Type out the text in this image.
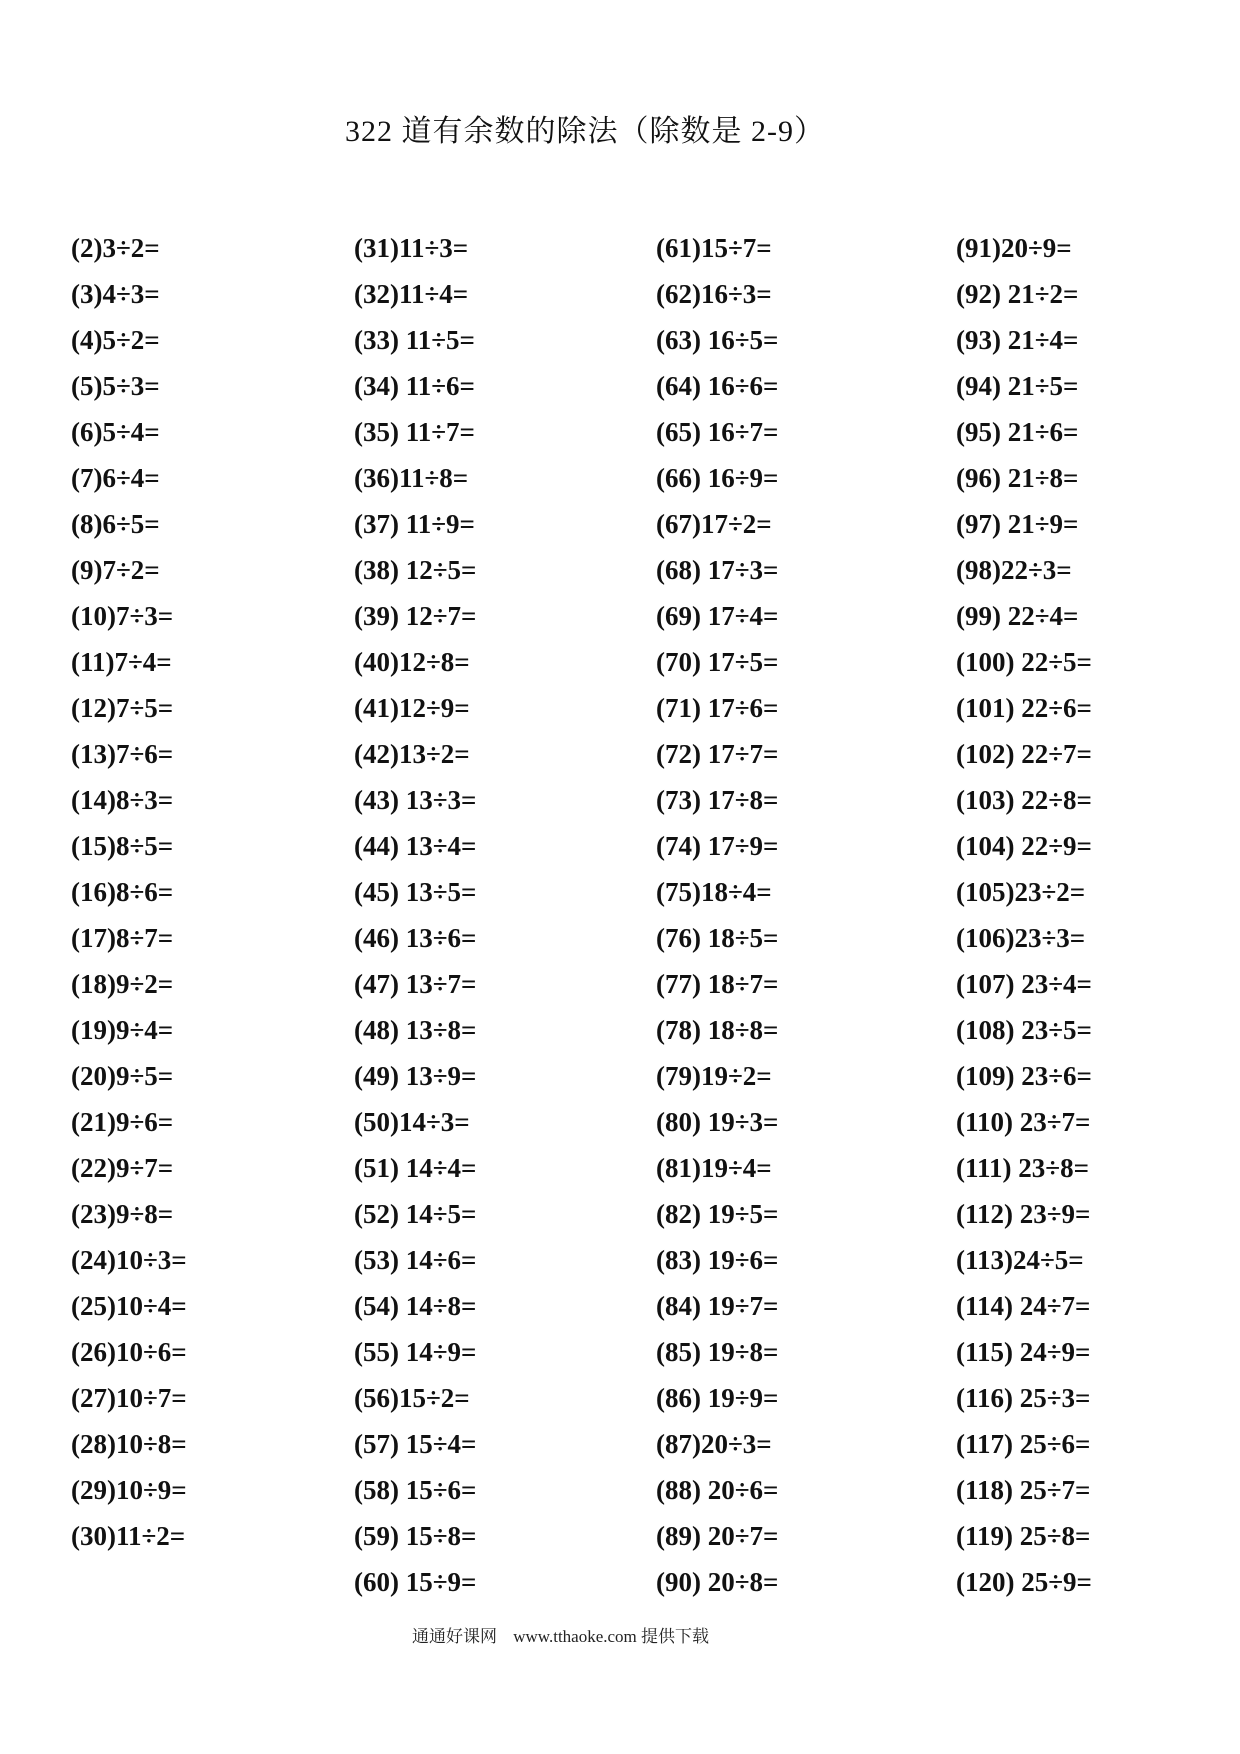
322 道有余数的除法（除数是 2-9）
(2)3÷2=
(3)4÷3=
(4)5÷2=
(5)5÷3=
(6)5÷4=
(7)6÷4=
(8)6÷5=
(9)7÷2=
(10)7÷3=
(11)7÷4=
(12)7÷5=
(13)7÷6=
(14)8÷3=
(15)8÷5=
(16)8÷6=
(17)8÷7=
(18)9÷2=
(19)9÷4=
(20)9÷5=
(21)9÷6=
(22)9÷7=
(23)9÷8=
(24)10÷3=
(25)10÷4=
(26)10÷6=
(27)10÷7=
(28)10÷8=
(29)10÷9=
(30)11÷2=
(31)11÷3=
(32)11÷4=
(33) 11÷5=
(34) 11÷6=
(35) 11÷7=
(36)11÷8=
(37) 11÷9=
(38) 12÷5=
(39) 12÷7=
(40)12÷8=
(41)12÷9=
(42)13÷2=
(43) 13÷3=
(44) 13÷4=
(45) 13÷5=
(46) 13÷6=
(47) 13÷7=
(48) 13÷8=
(49) 13÷9=
(50)14÷3=
(51) 14÷4=
(52) 14÷5=
(53) 14÷6=
(54) 14÷8=
(55) 14÷9=
(56)15÷2=
(57) 15÷4=
(58) 15÷6=
(59) 15÷8=
(60) 15÷9=
(61)15÷7=
(62)16÷3=
(63) 16÷5=
(64) 16÷6=
(65) 16÷7=
(66) 16÷9=
(67)17÷2=
(68) 17÷3=
(69) 17÷4=
(70) 17÷5=
(71) 17÷6=
(72) 17÷7=
(73) 17÷8=
(74) 17÷9=
(75)18÷4=
(76) 18÷5=
(77) 18÷7=
(78) 18÷8=
(79)19÷2=
(80) 19÷3=
(81)19÷4=
(82) 19÷5=
(83) 19÷6=
(84) 19÷7=
(85) 19÷8=
(86) 19÷9=
(87)20÷3=
(88) 20÷6=
(89) 20÷7=
(90) 20÷8=
(91)20÷9=
(92) 21÷2=
(93) 21÷4=
(94) 21÷5=
(95) 21÷6=
(96) 21÷8=
(97) 21÷9=
(98)22÷3=
(99) 22÷4=
(100) 22÷5=
(101) 22÷6=
(102) 22÷7=
(103) 22÷8=
(104) 22÷9=
(105)23÷2=
(106)23÷3=
(107) 23÷4=
(108) 23÷5=
(109) 23÷6=
(110) 23÷7=
(111) 23÷8=
(112) 23÷9=
(113)24÷5=
(114) 24÷7=
(115) 24÷9=
(116) 25÷3=
(117) 25÷6=
(118) 25÷7=
(119) 25÷8=
(120) 25÷9=
通通好课网 www.tthaoke.com 提供下载
